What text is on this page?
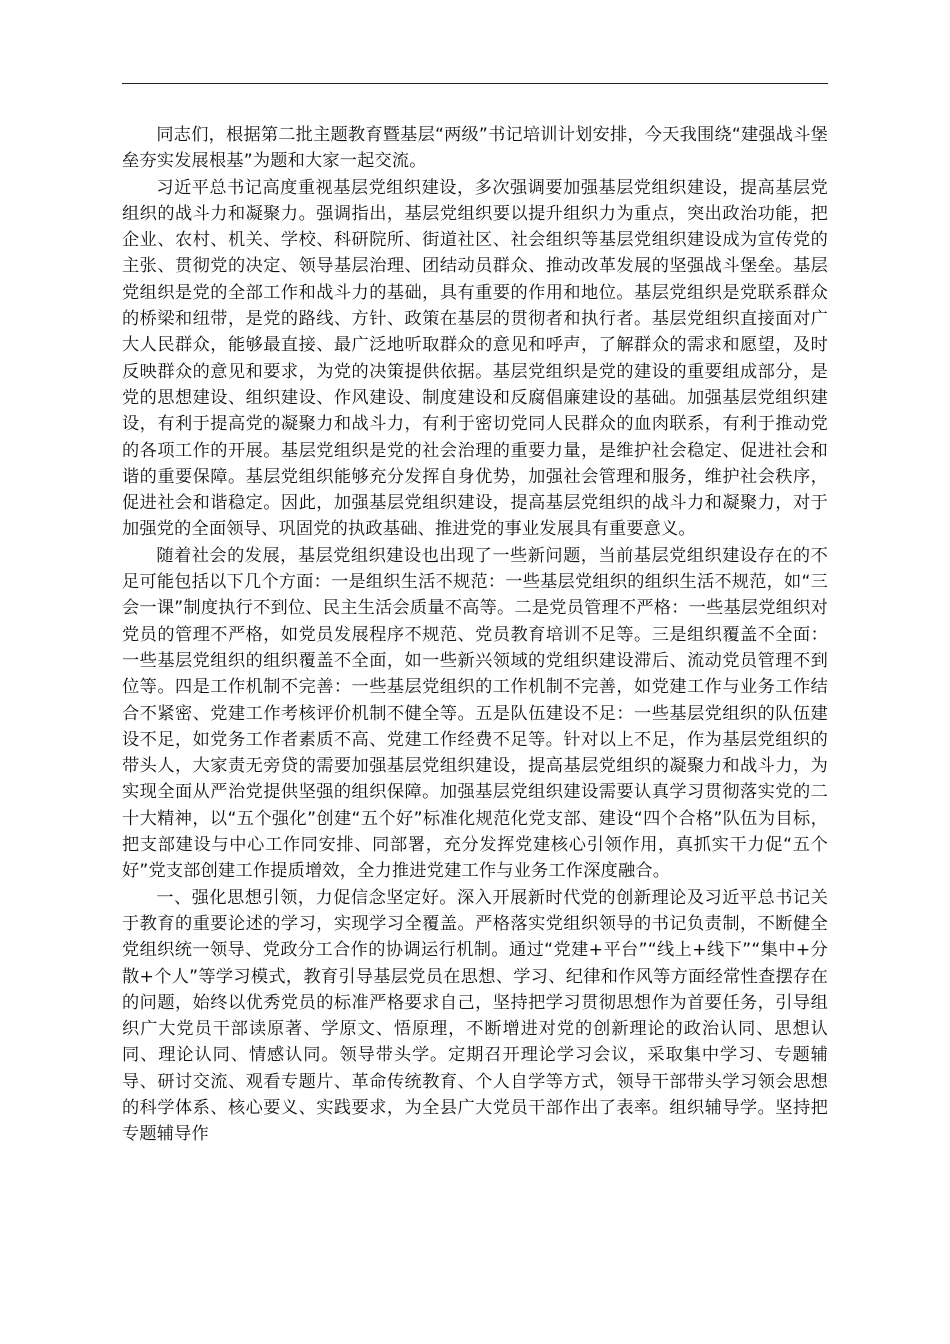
同志们，根据第二批主题教育暨基层“两级”书记培训计划安排，今天我围绕“建强战斗堡垒夯实发展根基”为题和大家一起交流。

习近平总书记高度重视基层党组织建设，多次强调要加强基层党组织建设，提高基层党组织的战斗力和凝聚力。强调指出，基层党组织要以提升组织力为重点，突出政治功能，把企业、农村、机关、学校、科研院所、街道社区、社会组织等基层党组织建设成为宣传党的主张、贯彻党的决定、领导基层治理、团结动员群众、推动改革发展的坚强战斗堡垒。基层党组织是党的全部工作和战斗力的基础，具有重要的作用和地位。基层党组织是党联系群众的桥梁和纽带，是党的路线、方针、政策在基层的贯彻者和执行者。基层党组织直接面对广大人民群众，能够最直接、最广泛地听取群众的意见和呼声，了解群众的需求和愿望，及时反映群众的意见和要求，为党的决策提供依据。基层党组织是党的建设的重要组成部分，是党的思想建设、组织建设、作风建设、制度建设和反腐倡廉建设的基础。加强基层党组织建设，有利于提高党的凝聚力和战斗力，有利于密切党同人民群众的血肉联系，有利于推动党的各项工作的开展。基层党组织是党的社会治理的重要力量，是维护社会稳定、促进社会和谐的重要保障。基层党组织能够充分发挥自身优势，加强社会管理和服务，维护社会秩序，促进社会和谐稳定。因此，加强基层党组织建设，提高基层党组织的战斗力和凝聚力，对于加强党的全面领导、巩固党的执政基础、推进党的事业发展具有重要意义。

随着社会的发展，基层党组织建设也出现了一些新问题，当前基层党组织建设存在的不足可能包括以下几个方面：一是组织生活不规范：一些基层党组织的组织生活不规范，如“三会一课”制度执行不到位、民主生活会质量不高等。二是党员管理不严格：一些基层党组织对党员的管理不严格，如党员发展程序不规范、党员教育培训不足等。三是组织覆盖不全面：一些基层党组织的组织覆盖不全面，如一些新兴领域的党组织建设滞后、流动党员管理不到位等。四是工作机制不完善：一些基层党组织的工作机制不完善，如党建工作与业务工作结合不紧密、党建工作考核评价机制不健全等。五是队伍建设不足：一些基层党组织的队伍建设不足，如党务工作者素质不高、党建工作经费不足等。针对以上不足，作为基层党组织的带头人，大家责无旁贷的需要加强基层党组织建设，提高基层党组织的凝聚力和战斗力，为实现全面从严治党提供坚强的组织保障。加强基层党组织建设需要认真学习贯彻落实党的二十大精神，以“五个强化”创建“五个好”标准化规范化党支部、建设“四个合格”队伍为目标，把支部建设与中心工作同安排、同部署，充分发挥党建核心引领作用，真抓实干力促“五个好”党支部创建工作提质增效，全力推进党建工作与业务工作深度融合。

一、强化思想引领，力促信念坚定好。深入开展新时代党的创新理论及习近平总书记关于教育的重要论述的学习，实现学习全覆盖。严格落实党组织领导的书记负责制，不断健全党组织统一领导、党政分工合作的协调运行机制。通过“党建+平台”“线上+线下”“集中+分散+个人”等学习模式，教育引导基层党员在思想、学习、纪律和作风等方面经常性查摆存在的问题，始终以优秀党员的标准严格要求自己，坚持把学习贯彻思想作为首要任务，引导组织广大党员干部读原著、学原文、悟原理，不断增进对党的创新理论的政治认同、思想认同、理论认同、情感认同。领导带头学。定期召开理论学习会议，采取集中学习、专题辅导、研讨交流、观看专题片、革命传统教育、个人自学等方式，领导干部带头学习领会思想的科学体系、核心要义、实践要求，为全县广大党员干部作出了表率。组织辅导学。坚持把专题辅导作
